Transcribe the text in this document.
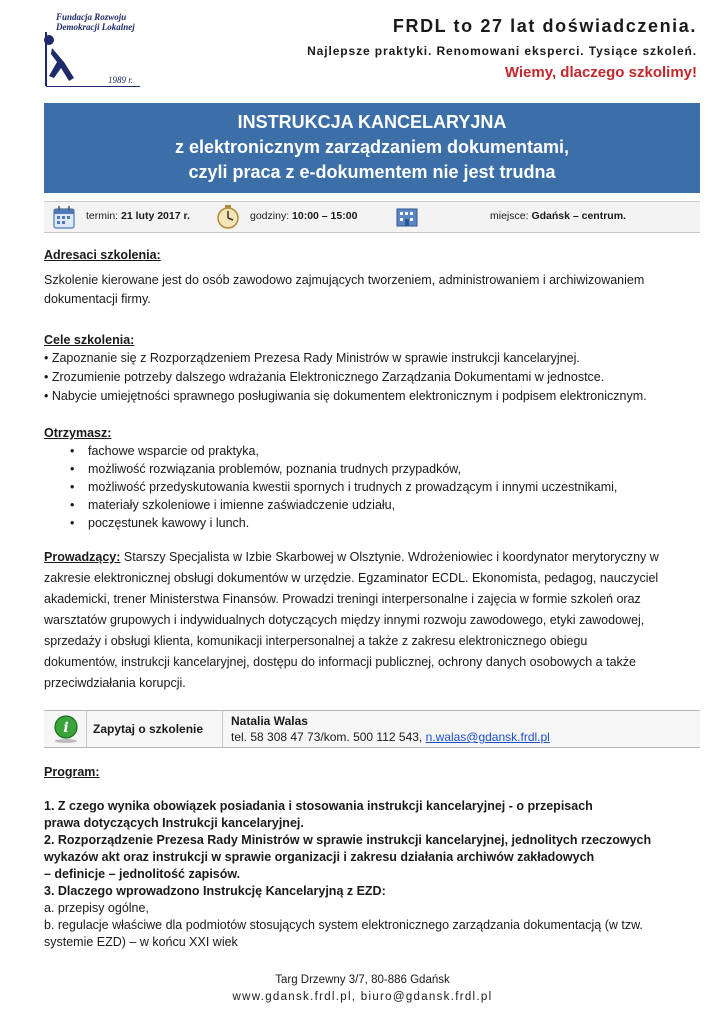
Fundacja Rozwoju
Demokracji Lokalnej
1989 r.
FRDL to 27 lat doświadczenia.
Najlepsze praktyki. Renomowani eksperci. Tysiące szkoleń.
Wiemy, dlaczego szkolimy!
INSTRUKCJA KANCELARYJNA
z elektronicznym zarządzaniem dokumentami,
czyli praca z e-dokumentem nie jest trudna
termin: 21 luty 2017 r.	godziny: 10:00 – 15:00	miejsce: Gdańsk – centrum.
Adresaci szkolenia:
Szkolenie kierowane jest do osób zawodowo zajmujących tworzeniem, administrowaniem i archiwizowaniem dokumentacji firmy.
Cele szkolenia:
• Zapoznanie się z Rozporządzeniem Prezesa Rady Ministrów w sprawie instrukcji kancelaryjnej.
• Zrozumienie potrzeby dalszego wdrażania Elektronicznego Zarządzania Dokumentami w jednostce.
• Nabycie umiejętności sprawnego posługiwania się dokumentem elektronicznym i podpisem elektronicznym.
Otrzymasz:
• fachowe wsparcie od praktyka,
• możliwość rozwiązania problemów, poznania trudnych przypadków,
• możliwość przedyskutowania kwestii spornych i trudnych z prowadzącym i innymi uczestnikami,
• materiały szkoleniowe i imienne zaświadczenie udziału,
• poczęstunek kawowy i lunch.
Prowadzący: Starszy Specjalista w Izbie Skarbowej w Olsztynie. Wdrożeniowiec i koordynator merytoryczny w
zakresie elektronicznej obsługi dokumentów w urzędzie. Egzaminator ECDL. Ekonomista, pedagog, nauczyciel
akademicki, trener Ministerstwa Finansów. Prowadzi treningi interpersonalne i zajęcia w formie szkoleń oraz
warsztatów grupowych i indywidualnych dotyczących między innymi rozwoju zawodowego, etyki zawodowej,
sprzedaży i obsługi klienta, komunikacji interpersonalnej a także z zakresu elektronicznego obiegu
dokumentów, instrukcji kancelaryjnej, dostępu do informacji publicznej, ochrony danych osobowych a także
przeciwdziałania korupcji.
i Zapytaj o szkolenie
Natalia Walas
tel. 58 308 47 73/kom. 500 112 543, n.walas@gdansk.frdl.pl
Program:
1. Z czego wynika obowiązek posiadania i stosowania instrukcji kancelaryjnej - o przepisach
prawa dotyczących Instrukcji kancelaryjnej.
2. Rozporządzenie Prezesa Rady Ministrów w sprawie instrukcji kancelaryjnej, jednolitych rzeczowych
wykazów akt oraz instrukcji w sprawie organizacji i zakresu działania archiwów zakładowych
– definicje – jednolitość zapisów.
3. Dlaczego wprowadzono Instrukcję Kancelaryjną z EZD:
a. przepisy ogólne,
b. regulacje właściwe dla podmiotów stosujących system elektronicznego zarządzania dokumentacją (w tzw.
systemie EZD) – w końcu XXI wiek
Targ Drzewny 3/7, 80-886 Gdańsk
www.gdansk.frdl.pl, biuro@gdansk.frdl.pl
